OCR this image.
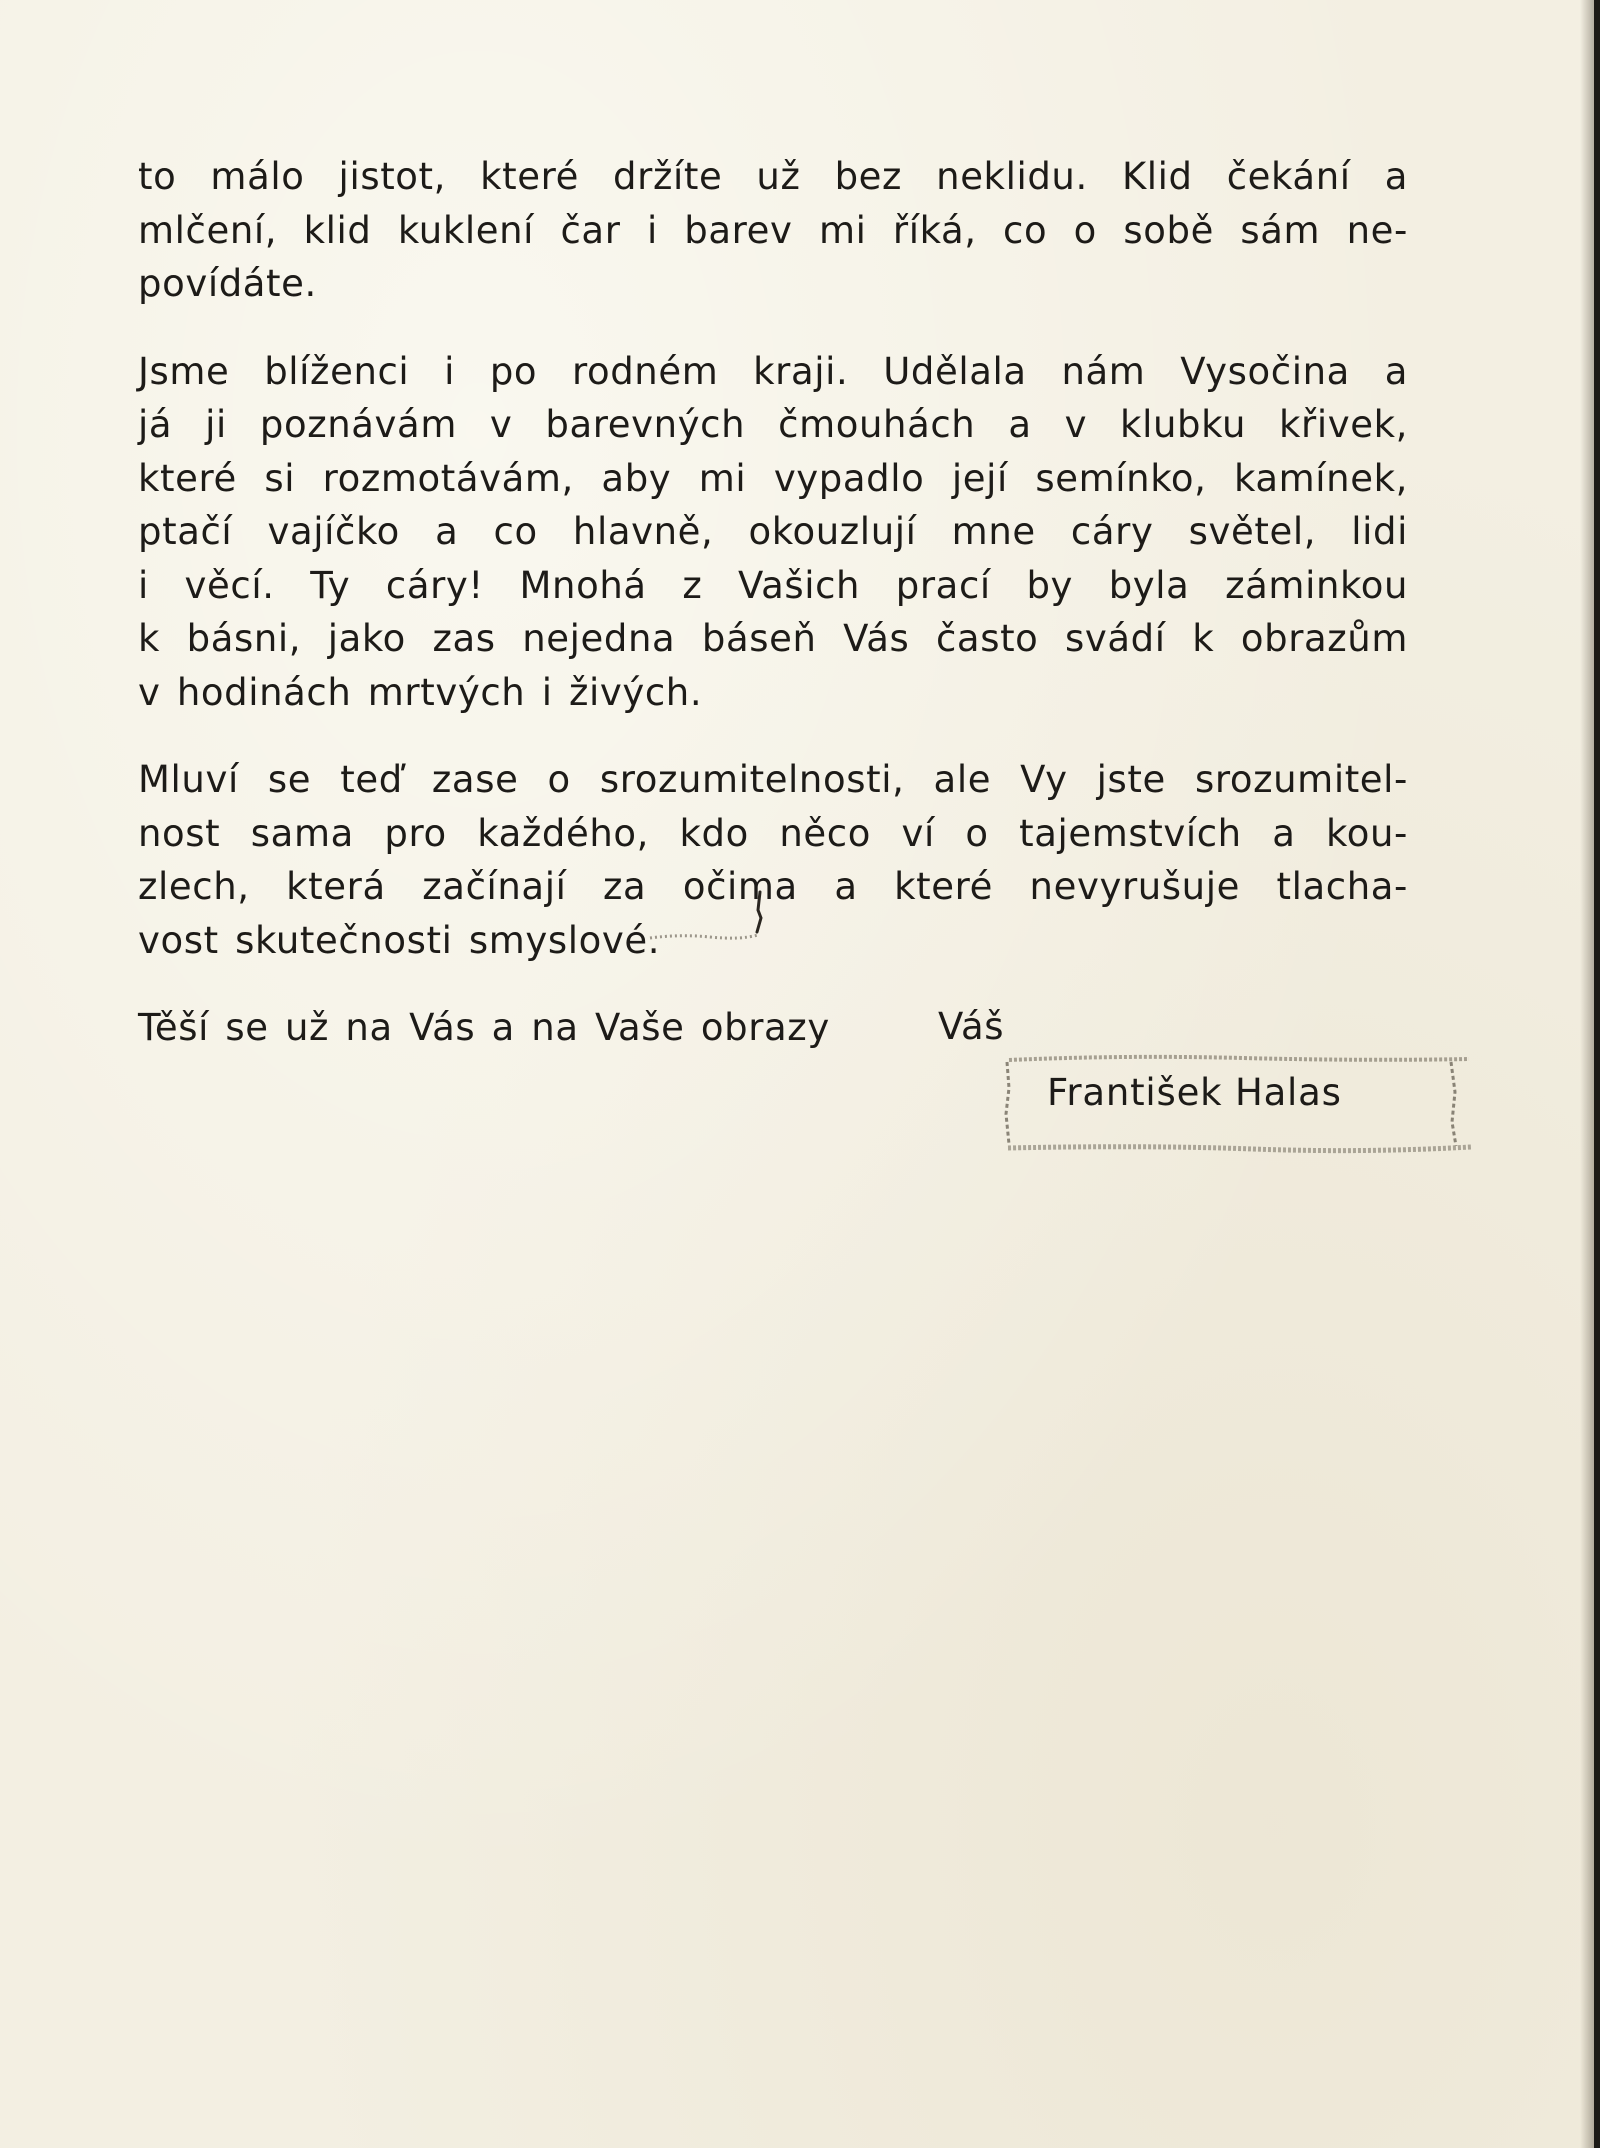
to málo jistot, které držíte už bez neklidu. Klid čekání a
mlčení, klid kuklení čar i barev mi říká, co o sobě sám ne-
povídáte.
Jsme blíženci i po rodném kraji. Udělala nám Vysočina a
já ji poznávám v barevných čmouhách a v klubku křivek,
které si rozmotávám, aby mi vypadlo její semínko, kamínek,
ptačí vajíčko a co hlavně, okouzlují mne cáry světel, lidi
i věcí. Ty cáry! Mnohá z Vašich prací by byla záminkou
k básni, jako zas nejedna báseň Vás často svádí k obrazům
v hodinách mrtvých i živých.
Mluví se teď zase o srozumitelnosti, ale Vy jste srozumitel-
nost sama pro každého, kdo něco ví o tajemstvích a kou-
zlech, která začínají za očima a které nevyrušuje tlacha-
vost skutečnosti smyslové.
Těší se už na Vás a na Vaše obrazy	Váš
František Halas
